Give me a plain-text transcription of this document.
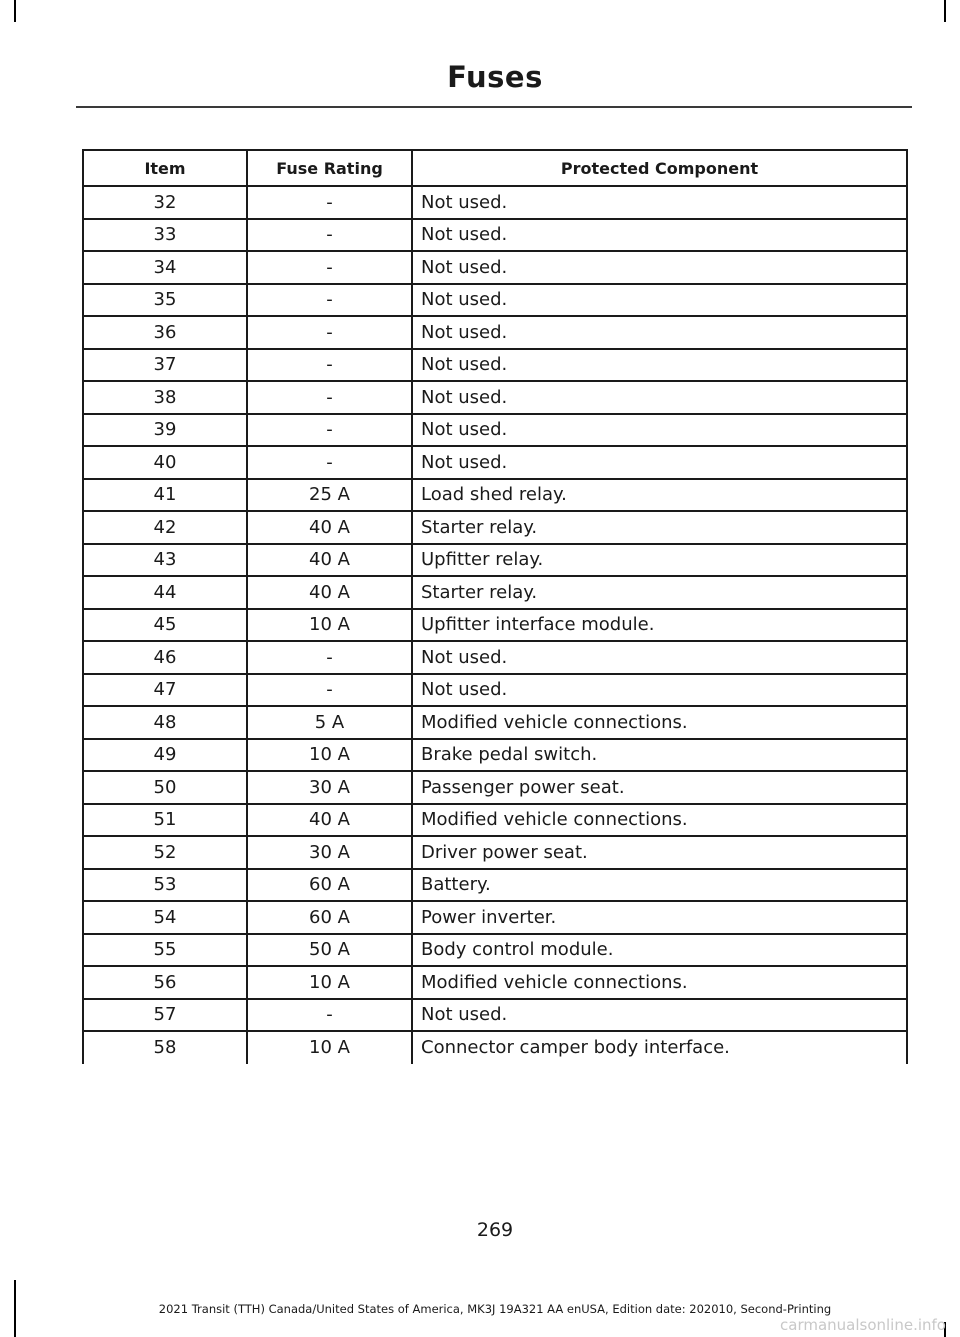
Fuses
Item	Fuse Rating	Protected Component
32	-	Not used.
33	-	Not used.
34	-	Not used.
35	-	Not used.
36	-	Not used.
37	-	Not used.
38	-	Not used.
39	-	Not used.
40	-	Not used.
41	25 A	Load shed relay.
42	40 A	Starter relay.
43	40 A	Upfitter relay.
44	40 A	Starter relay.
45	10 A	Upfitter interface module.
46	-	Not used.
47	-	Not used.
48	5 A	Modified vehicle connections.
49	10 A	Brake pedal switch.
50	30 A	Passenger power seat.
51	40 A	Modified vehicle connections.
52	30 A	Driver power seat.
53	60 A	Battery.
54	60 A	Power inverter.
55	50 A	Body control module.
56	10 A	Modified vehicle connections.
57	-	Not used.
58	10 A	Connector camper body interface.
269
2021 Transit (TTH) Canada/United States of America, MK3J 19A321 AA enUSA, Edition date: 202010, Second-Printing
carmanualsonline.info
